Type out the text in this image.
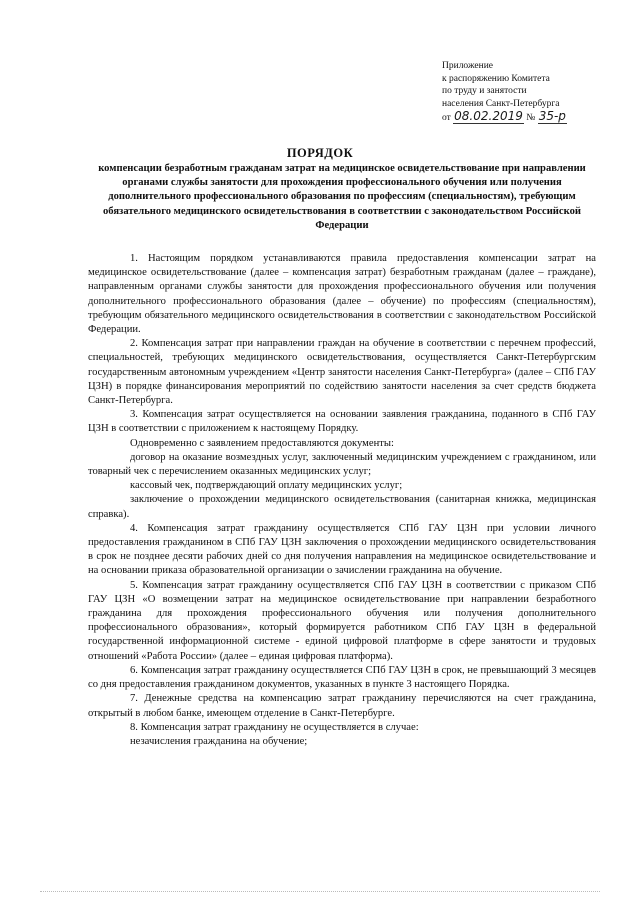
Приложение
к распоряжению Комитета
по труду и занятости
населения Санкт-Петербурга
от 08.02.2019 № 35-р
ПОРЯДОК
компенсации безработным гражданам затрат на медицинское освидетельствование при направлении органами службы занятости для прохождения профессионального обучения или получения дополнительного профессионального образования по профессиям (специальностям), требующим обязательного медицинского освидетельствования в соответствии с законодательством Российской Федерации

1. Настоящим порядком устанавливаются правила предоставления компенсации затрат на медицинское освидетельствование (далее – компенсация затрат) безработным гражданам (далее – граждане), направленным органами службы занятости для прохождения профессионального обучения или получения дополнительного профессионального образования (далее – обучение) по профессиям (специальностям), требующим обязательного медицинского освидетельствования в соответствии с законодательством Российской Федерации.

2. Компенсация затрат при направлении граждан на обучение в соответствии с перечнем профессий, специальностей, требующих медицинского освидетельствования, осуществляется Санкт-Петербургским государственным автономным учреждением «Центр занятости населения Санкт-Петербурга» (далее – СПб ГАУ ЦЗН) в порядке финансирования мероприятий по содействию занятости населения за счет средств бюджета Санкт-Петербурга.

3. Компенсация затрат осуществляется на основании заявления гражданина, поданного в СПб ГАУ ЦЗН в соответствии с приложением к настоящему Порядку.

Одновременно с заявлением предоставляются документы:

договор на оказание возмездных услуг, заключенный медицинским учреждением с гражданином, или товарный чек с перечислением оказанных медицинских услуг;

кассовый чек, подтверждающий оплату медицинских услуг;

заключение о прохождении медицинского освидетельствования (санитарная книжка, медицинская справка).

4. Компенсация затрат гражданину осуществляется СПб ГАУ ЦЗН при условии личного предоставления гражданином в СПб ГАУ ЦЗН заключения о прохождении медицинского освидетельствования в срок не позднее десяти рабочих дней со дня получения направления на медицинское освидетельствование и на основании приказа образовательной организации о зачислении гражданина на обучение.

5. Компенсация затрат гражданину осуществляется СПб ГАУ ЦЗН в соответствии с приказом СПб ГАУ ЦЗН «О возмещении затрат на медицинское освидетельствование при направлении безработного гражданина для прохождения профессионального обучения или получения дополнительного профессионального образования», который формируется работником СПб ГАУ ЦЗН в федеральной государственной информационной системе - единой цифровой платформе в сфере занятости и трудовых отношений «Работа России» (далее – единая цифровая платформа).

6. Компенсация затрат гражданину осуществляется СПб ГАУ ЦЗН в срок, не превышающий 3 месяцев со дня предоставления гражданином документов, указанных в пункте 3 настоящего Порядка.

7. Денежные средства на компенсацию затрат гражданину перечисляются на счет гражданина, открытый в любом банке, имеющем отделение в Санкт-Петербурге.

8. Компенсация затрат гражданину не осуществляется в случае:

незачисления гражданина на обучение;
